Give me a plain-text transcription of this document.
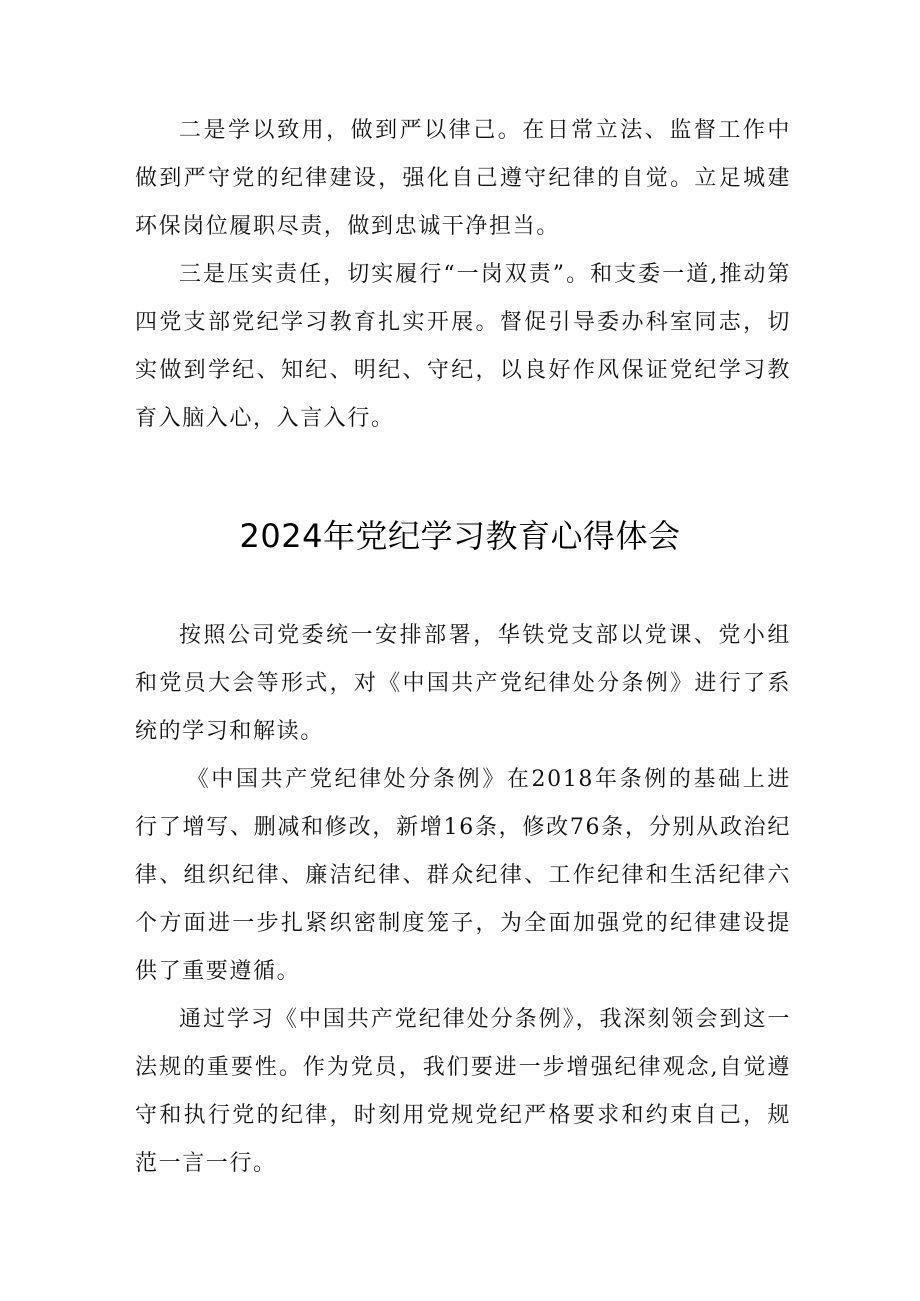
二是学以致用，做到严以律己。在日常立法、监督工作中做到严守党的纪律建设，强化自己遵守纪律的自觉。立足城建环保岗位履职尽责，做到忠诚干净担当。

三是压实责任，切实履行“一岗双责”。和支委一道,推动第四党支部党纪学习教育扎实开展。督促引导委办科室同志，切实做到学纪、知纪、明纪、守纪，以良好作风保证党纪学习教育入脑入心，入言入行。

2024年党纪学习教育心得体会

按照公司党委统一安排部署，华铁党支部以党课、党小组和党员大会等形式，对《中国共产党纪律处分条例》进行了系统的学习和解读。

《中国共产党纪律处分条例》在2018年条例的基础上进行了增写、删减和修改，新增16条，修改76条，分别从政治纪律、组织纪律、廉洁纪律、群众纪律、工作纪律和生活纪律六个方面进一步扎紧织密制度笼子，为全面加强党的纪律建设提供了重要遵循。

通过学习《中国共产党纪律处分条例》，我深刻领会到这一法规的重要性。作为党员，我们要进一步增强纪律观念,自觉遵守和执行党的纪律，时刻用党规党纪严格要求和约束自己，规范一言一行。
